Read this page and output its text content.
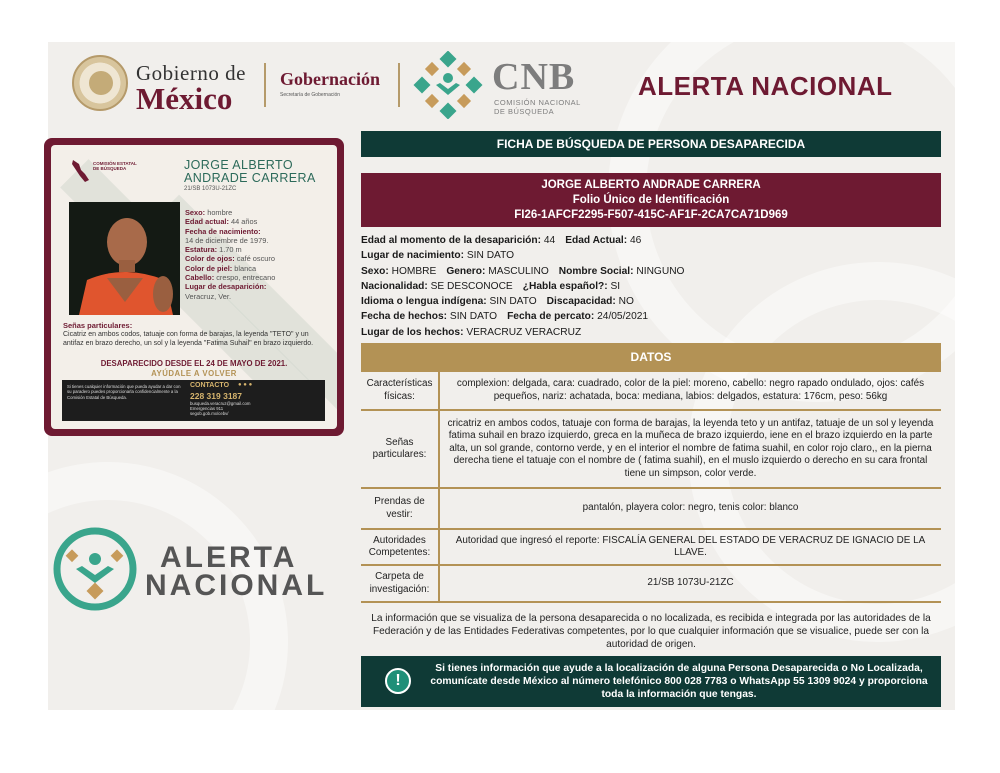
Gobierno de
México
Gobernación
Secretaría de Gobernación	CNB
COMISIÓN NACIONAL
DE BÚSQUEDA
ALERTA NACIONAL
COMISIÓN ESTATAL DE BÚSQUEDA	JORGE ALBERTO
ANDRADE CARRERA
21/SB 1073U-21ZC
Sexo: hombre
Edad actual: 44 años
Fecha de nacimiento:
14 de diciembre de 1979.
Estatura: 1.70 m
Color de ojos: café oscuro
Color de piel: blanca
Cabello: crespo, entrecano
Lugar de desaparición:
Veracruz, Ver.
Señas particulares:
Cicatriz en ambos codos, tatuaje con forma de barajas, la leyenda "TETO" y un antifaz en brazo derecho, un sol y la leyenda "Fatima Suhail" en brazo izquierdo.
DESAPARECIDO DESDE EL 24 DE MAYO DE 2021.
AYÚDALE A VOLVER
Si tienes cualquier información que pueda ayudar a dar con su paradero puedes proporcionarla confidencialmente a la Comisión Estatal de Búsqueda.
CONTACTO ● ● ●
228 319 3187
busqueda.veracruz@gmail.com
Emergencias 911
segob.gob.mx/cebv/
ALERTA
NACIONAL
FICHA DE BÚSQUEDA DE PERSONA DESAPARECIDA
JORGE ALBERTO ANDRADE CARRERA
Folio Único de Identificación
FI26-1AFCF2295-F507-415C-AF1F-2CA7CA71D969
Edad al momento de la desaparición: 44 Edad Actual: 46
Lugar de nacimiento: SIN DATO
Sexo: HOMBRE Genero: MASCULINO Nombre Social: NINGUNO
Nacionalidad: SE DESCONOCE ¿Habla español?: SI
Idioma o lengua indígena: SIN DATO Discapacidad: NO
Fecha de hechos: SIN DATO Fecha de percato: 24/05/2021
Lugar de los hechos: VERACRUZ VERACRUZ
DATOS
Características físicas:	complexion: delgada, cara: cuadrado, color de la piel: moreno, cabello: negro rapado ondulado, ojos: cafés pequeños, nariz: achatada, boca: mediana, labios: delgados, estatura: 176cm, peso: 56kg
Señas particulares:	cricatriz en ambos codos, tatuaje con forma de barajas, la leyenda teto y un antifaz, tatuaje de un sol y leyenda fatima suhail en brazo izquierdo, greca en la muñeca de brazo izquierdo, iene en el brazo izquierdo en la parte alta, un sol grande, contorno verde, y en el interior el nombre de fatima suahil, en color rojo claro,, en la pierna derecha tiene el tatuaje con el nombre de ( fatima suahil), en el muslo izquierdo o derecho en su cara frontal tiene un simpson, color verde.
Prendas de vestir:	pantalón, playera color: negro, tenis color: blanco
Autoridades Competentes:	Autoridad que ingresó el reporte: FISCALÍA GENERAL DEL ESTADO DE VERACRUZ DE IGNACIO DE LA LLAVE.
Carpeta de investigación:	21/SB 1073U-21ZC
La información que se visualiza de la persona desaparecida o no localizada, es recibida e integrada por las autoridades de la Federación y de las Entidades Federativas competentes, por lo que cualquier información que se visualice, puede ser con la autoridad de origen.
!
Si tienes información que ayude a la localización de alguna Persona Desaparecida o No Localizada, comunícate desde México al número telefónico 800 028 7783 o WhatsApp 55 1309 9024 y proporciona toda la información que tengas.
